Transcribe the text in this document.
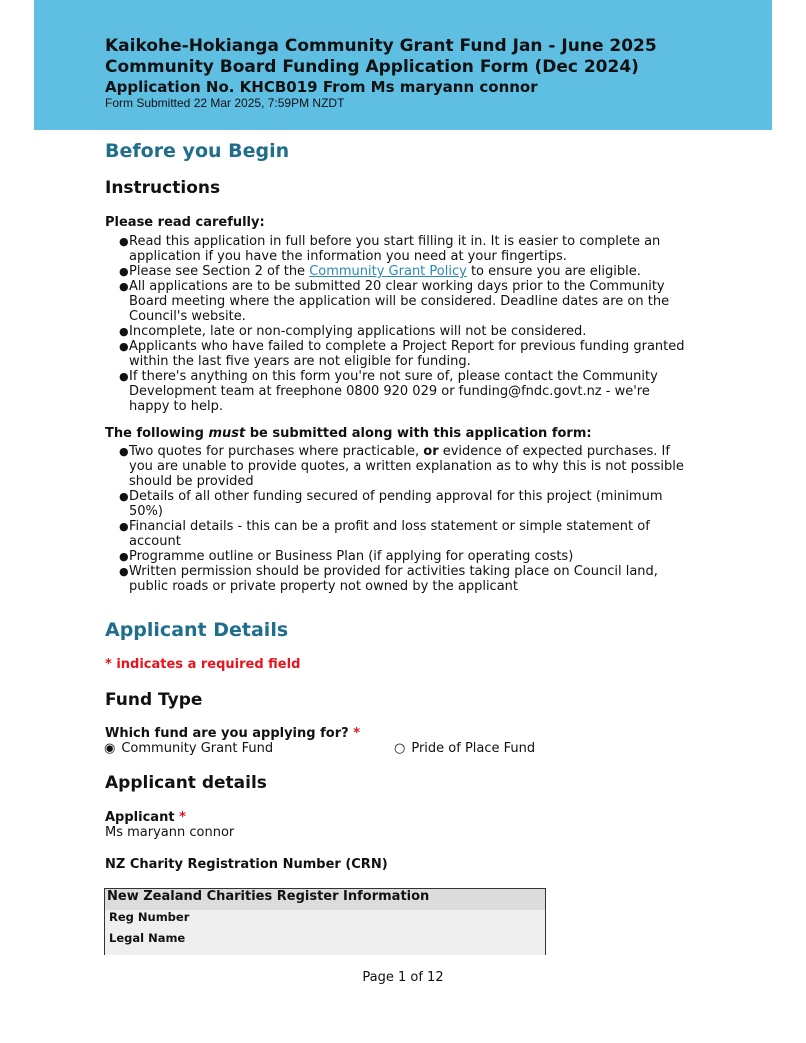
Kaikohe-Hokianga Community Grant Fund Jan - June 2025
Community Board Funding Application Form (Dec 2024)
Application No. KHCB019 From Ms maryann connor
Form Submitted 22 Mar 2025, 7:59PM NZDT
Before you Begin
Instructions
Please read carefully:
● Read this application in full before you start filling it in. It is easier to complete an application if you have the information you need at your fingertips.
● Please see Section 2 of the Community Grant Policy to ensure you are eligible.
● All applications are to be submitted 20 clear working days prior to the Community Board meeting where the application will be considered. Deadline dates are on the Council's website.
● Incomplete, late or non-complying applications will not be considered.
● Applicants who have failed to complete a Project Report for previous funding granted within the last five years are not eligible for funding.
● If there's anything on this form you're not sure of, please contact the Community Development team at freephone 0800 920 029 or funding@fndc.govt.nz - we're happy to help.
The following must be submitted along with this application form:
● Two quotes for purchases where practicable, or evidence of expected purchases. If you are unable to provide quotes, a written explanation as to why this is not possible should be provided
● Details of all other funding secured of pending approval for this project (minimum 50%)
● Financial details - this can be a profit and loss statement or simple statement of account
● Programme outline or Business Plan (if applying for operating costs)
● Written permission should be provided for activities taking place on Council land, public roads or private property not owned by the applicant
Applicant Details
* indicates a required field
Fund Type
Which fund are you applying for? *
◉ Community Grant Fund	○ Pride of Place Fund
Applicant details
Applicant *
Ms maryann connor
NZ Charity Registration Number (CRN)
New Zealand Charities Register Information
Reg Number
Legal Name
Page 1 of 12
